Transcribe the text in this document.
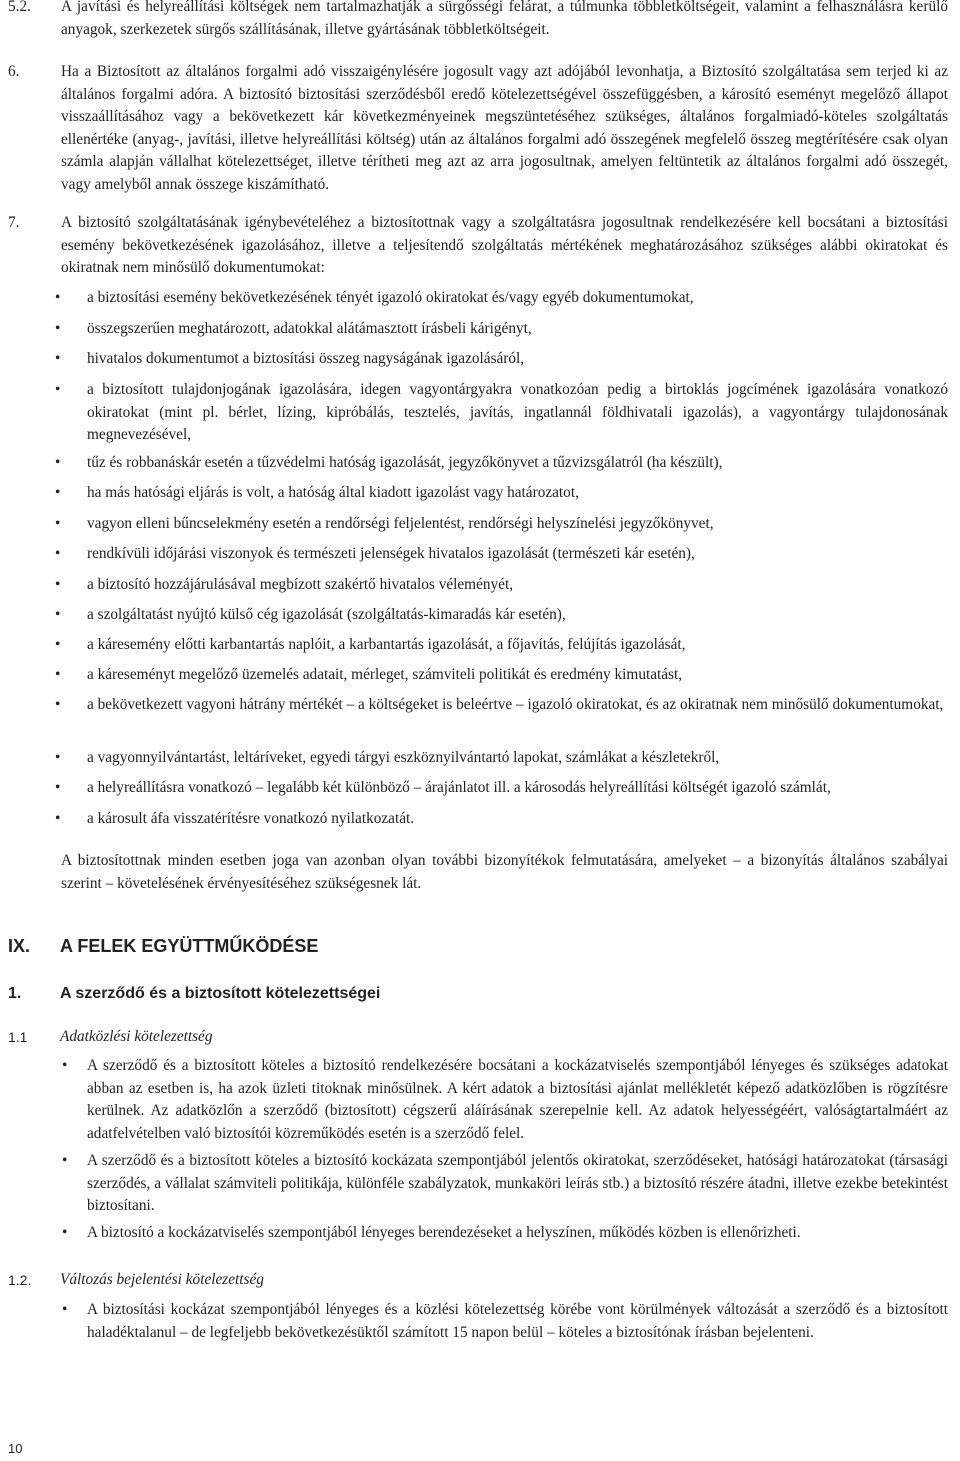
5.2. A javítási és helyreállítási költségek nem tartalmazhatják a sürgősségi felárat, a túlmunka többletköltségeit, valamint a felhasználásra kerülő anyagok, szerkezetek sürgős szállításának, illetve gyártásának többletköltségeit.
6.	Ha a Biztosított az általános forgalmi adó visszaigénylésére jogosult vagy azt adójából levonhatja, a Biztosító szolgáltatása sem terjed ki az általános forgalmi adóra. A biztosító biztosítási szerződésből eredő kötelezettségével összefüggésben, a károsító eseményt megelőző állapot visszaállításához vagy a bekövetkezett kár következményeinek megszüntetéséhez szükséges, általános forgalmiadó-köteles szolgáltatás ellenértéke (anyag-, javítási, illetve helyreállítási költség) után az általános forgalmi adó összegének megfelelő összeg megtérítésére csak olyan számla alapján vállalhat kötelezettséget, illetve térítheti meg azt az arra jogosultnak, amelyen feltüntetik az általános forgalmi adó összegét, vagy amelyből annak összege kiszámítható.
7.	A biztosító szolgáltatásának igénybevételéhez a biztosítottnak vagy a szolgáltatásra jogosultnak rendelkezésére kell bocsátani a biztosítási esemény bekövetkezésének igazolásához, illetve a teljesítendő szolgáltatás mértékének meghatározásához szükséges alábbi okiratokat és okiratnak nem minősülő dokumentumokat:
• a biztosítási esemény bekövetkezésének tényét igazoló okiratokat és/vagy egyéb dokumentumokat,
• összegszerűen meghatározott, adatokkal alátámasztott írásbeli kárigényt,
• hivatalos dokumentumot a biztosítási összeg nagyságának igazolásáról,
• a biztosított tulajdonjogának igazolására, idegen vagyontárgyakra vonatkozóan pedig a birtoklás jogcímének igazolására vonatkozó okiratokat (mint pl. bérlet, lízing, kipróbálás, tesztelés, javítás, ingatlannál földhivatali igazolás), a vagyontárgy tulajdonosának megnevezésével,
• tűz és robbanáskár esetén a tűzvédelmi hatóság igazolását, jegyzőkönyvet a tűzvizsgálatról (ha készült),
• ha más hatósági eljárás is volt, a hatóság által kiadott igazolást vagy határozatot,
• vagyon elleni bűncselekmény esetén a rendőrségi feljelentést, rendőrségi helyszínelési jegyzőkönyvet,
• rendkívüli időjárási viszonyok és természeti jelenségek hivatalos igazolását (természeti kár esetén),
• a biztosító hozzájárulásával megbízott szakértő hivatalos véleményét,
• a szolgáltatást nyújtó külső cég igazolását (szolgáltatás-kimaradás kár esetén),
• a káresemény előtti karbantartás naplóit, a karbantartás igazolását, a főjavítás, felújítás igazolását,
• a káreseményt megelőző üzemelés adatait, mérleget, számviteli politikát és eredmény kimutatást,
• a bekövetkezett vagyoni hátrány mértékét – a költségeket is beleértve – igazoló okiratokat, és az okiratnak nem minősülő dokumentumokat,
• a vagyonnyilvántartást, leltáríveket, egyedi tárgyi eszköznyilvántartó lapokat, számlákat a készletekről,
• a helyreállításra vonatkozó – legalább két különböző – árajánlatot ill. a károsodás helyreállítási költségét igazoló számlát,
• a károsult áfa visszatérítésre vonatkozó nyilatkozatát.
A biztosítottnak minden esetben joga van azonban olyan további bizonyítékok felmutatására, amelyeket – a bizonyítás általános szabályai szerint – követelésének érvényesítéséhez szükségesnek lát.
IX. A FELEK EGYÜTTMŰKÖDÉSE
1. A szerződő és a biztosított kötelezettségei
1.1 Adatközlési kötelezettség
• A szerződő és a biztosított köteles a biztosító rendelkezésére bocsátani a kockázatviselés szempontjából lényeges és szükséges adatokat abban az esetben is, ha azok üzleti titoknak minősülnek. A kért adatok a biztosítási ajánlat mellékletét képező adatközlőben is rögzítésre kerülnek. Az adatközlőn a szerződő (biztosított) cégszerű aláírásának szerepelnie kell. Az adatok helyességéért, valóságtartalmáért az adatfelvételben való biztosítói közreműködés esetén is a szerződő felel.
• A szerződő és a biztosított köteles a biztosító kockázata szempontjából jelentős okiratokat, szerződéseket, hatósági határozatokat (társasági szerződés, a vállalat számviteli politikája, különféle szabályzatok, munkaköri leírás stb.) a biztosító részére átadni, illetve ezekbe betekintést biztosítani.
• A biztosító a kockázatviselés szempontjából lényeges berendezéseket a helyszínen, működés közben is ellenőrizheti.
1.2. Változás bejelentési kötelezettség
• A biztosítási kockázat szempontjából lényeges és a közlési kötelezettség körébe vont körülmények változását a szerződő és a biztosított haladéktalanul – de legfeljebb bekövetkezésüktől számított 15 napon belül – köteles a biztosítónak írásban bejelenteni.
10
